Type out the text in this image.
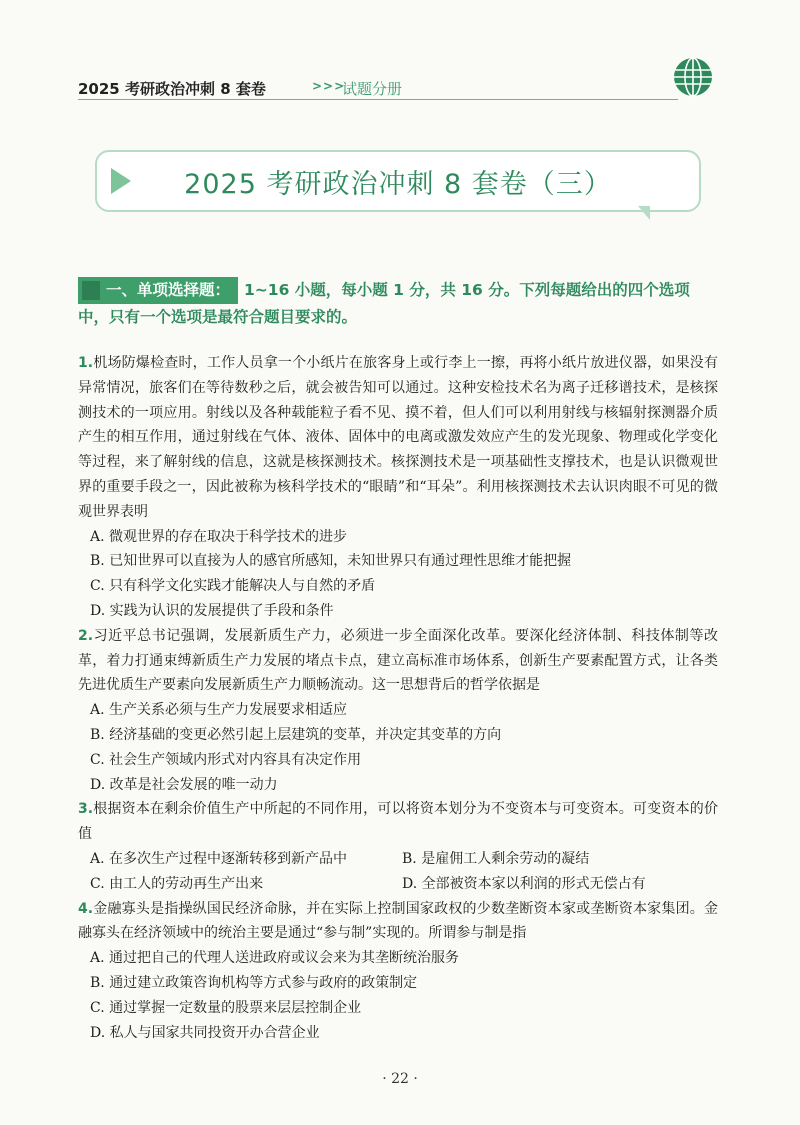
2025 考研政治冲刺 8 套卷	>>>
试题分册
2025 考研政治冲刺 8 套卷（三）
一、单项选择题： 1~16 小题，每小题 1 分，共 16 分。下列每题给出的四个选项中，只有一个选项是最符合题目要求的。
1.机场防爆检查时，工作人员拿一个小纸片在旅客身上或行李上一擦，再将小纸片放进仪器，如果没有异常情况，旅客们在等待数秒之后，就会被告知可以通过。这种安检技术名为离子迁移谱技术，是核探测技术的一项应用。射线以及各种载能粒子看不见、摸不着，但人们可以利用射线与核辐射探测器介质产生的相互作用，通过射线在气体、液体、固体中的电离或激发效应产生的发光现象、物理或化学变化等过程，来了解射线的信息，这就是核探测技术。核探测技术是一项基础性支撑技术，也是认识微观世界的重要手段之一，因此被称为核科学技术的“眼睛”和“耳朵”。利用核探测技术去认识肉眼不可见的微观世界表明
A. 微观世界的存在取决于科学技术的进步
B. 已知世界可以直接为人的感官所感知，未知世界只有通过理性思维才能把握
C. 只有科学文化实践才能解决人与自然的矛盾
D. 实践为认识的发展提供了手段和条件
2.习近平总书记强调，发展新质生产力，必须进一步全面深化改革。要深化经济体制、科技体制等改革，着力打通束缚新质生产力发展的堵点卡点，建立高标准市场体系，创新生产要素配置方式，让各类先进优质生产要素向发展新质生产力顺畅流动。这一思想背后的哲学依据是
A. 生产关系必须与生产力发展要求相适应
B. 经济基础的变更必然引起上层建筑的变革，并决定其变革的方向
C. 社会生产领域内形式对内容具有决定作用
D. 改革是社会发展的唯一动力
3.根据资本在剩余价值生产中所起的不同作用，可以将资本划分为不变资本与可变资本。可变资本的价值
A. 在多次生产过程中逐渐转移到新产品中	B. 是雇佣工人剩余劳动的凝结
C. 由工人的劳动再生产出来	D. 全部被资本家以利润的形式无偿占有
4.金融寡头是指操纵国民经济命脉，并在实际上控制国家政权的少数垄断资本家或垄断资本家集团。金融寡头在经济领域中的统治主要是通过“参与制”实现的。所谓参与制是指
A. 通过把自己的代理人送进政府或议会来为其垄断统治服务
B. 通过建立政策咨询机构等方式参与政府的政策制定
C. 通过掌握一定数量的股票来层层控制企业
D. 私人与国家共同投资开办合营企业
· 22 ·
